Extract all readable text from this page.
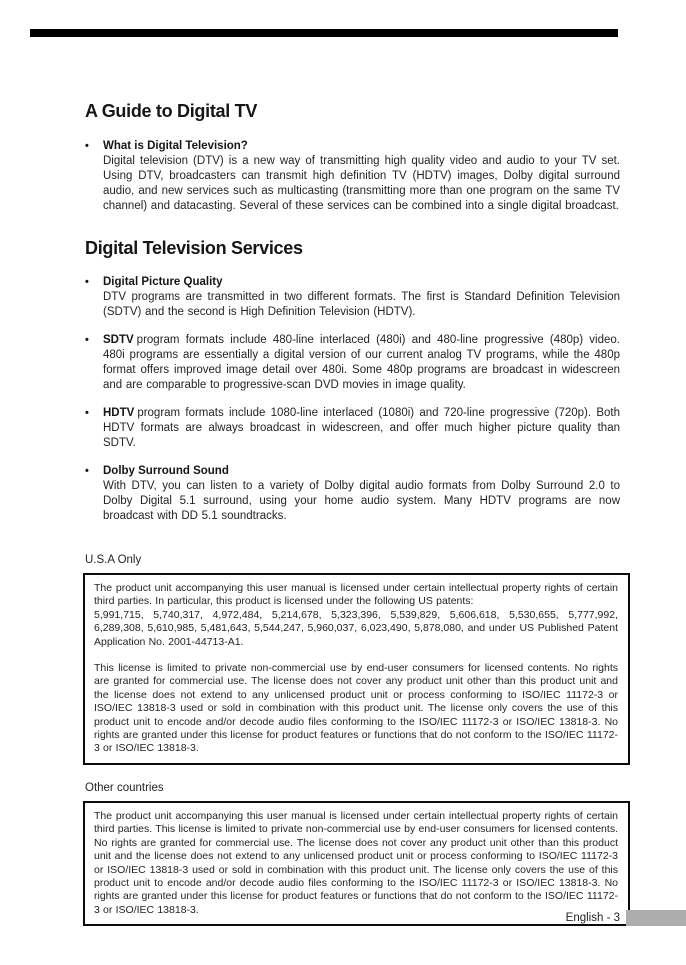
A Guide to Digital TV
•	What is Digital Television?

Digital television (DTV) is a new way of transmitting high quality video and audio to your TV set. Using DTV, broadcasters can transmit high definition TV (HDTV) images, Dolby digital surround audio, and new services such as multicasting (transmitting more than one program on the same TV channel) and datacasting. Several of these services can be combined into a single digital broadcast.

Digital Television Services
•	Digital Picture Quality

DTV programs are transmitted in two different formats. The first is Standard Definition Television (SDTV) and the second is High Definition Television (HDTV).

•	SDTV program formats include 480-line interlaced (480i) and 480-line progressive (480p) video. 480i programs are essentially a digital version of our current analog TV programs, while the 480p format offers improved image detail over 480i. Some 480p programs are broadcast in widescreen and are comparable to progressive-scan DVD movies in image quality.

•	HDTV program formats include 1080-line interlaced (1080i) and 720-line progressive (720p). Both HDTV formats are always broadcast in widescreen, and offer much higher picture quality than SDTV.

•	Dolby Surround Sound

With DTV, you can listen to a variety of Dolby digital audio formats from Dolby Surround 2.0 to Dolby Digital 5.1 surround, using your home audio system. Many HDTV programs are now broadcast with DD 5.1 soundtracks.

U.S.A Only

The product unit accompanying this user manual is licensed under certain intellectual property rights of certain third parties. In particular, this product is licensed under the following US patents:
5,991,715, 5,740,317, 4,972,484, 5,214,678, 5,323,396, 5,539,829, 5,606,618, 5,530,655, 5,777,992, 6,289,308, 5,610,985, 5,481,643, 5,544,247, 5,960,037, 6,023,490, 5,878,080, and under US Published Patent Application No. 2001-44713-A1.

This license is limited to private non-commercial use by end-user consumers for licensed contents. No rights are granted for commercial use. The license does not cover any product unit other than this product unit and the license does not extend to any unlicensed product unit or process conforming to ISO/IEC 11172-3 or ISO/IEC 13818-3 used or sold in combination with this product unit. The license only covers the use of this product unit to encode and/or decode audio files conforming to the ISO/IEC 11172-3 or ISO/IEC 13818-3. No rights are granted under this license for product features or functions that do not conform to the ISO/IEC 11172-3 or ISO/IEC 13818-3.

Other countries

The product unit accompanying this user manual is licensed under certain intellectual property rights of certain third parties. This license is limited to private non-commercial use by end-user consumers for licensed contents. No rights are granted for commercial use. The license does not cover any product unit other than this product unit and the license does not extend to any unlicensed product unit or process conforming to ISO/IEC 11172-3 or ISO/IEC 13818-3 used or sold in combination with this product unit. The license only covers the use of this product unit to encode and/or decode audio files conforming to the ISO/IEC 11172-3 or ISO/IEC 13818-3. No rights are granted under this license for product features or functions that do not conform to the ISO/IEC 11172-3 or ISO/IEC 13818-3.

English - 3
